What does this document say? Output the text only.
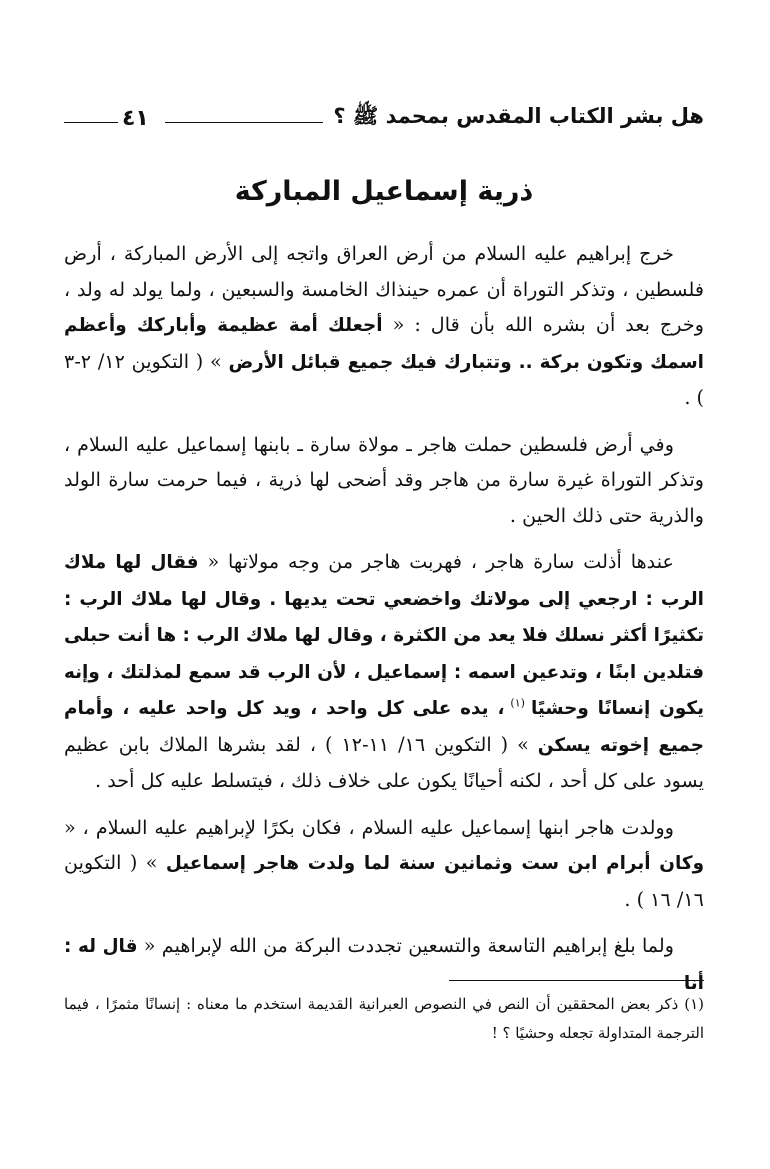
هل بشر الكتاب المقدس بمحمد ﷺ ؟
٤١
ذرية إسماعيل المباركة

خرج إبراهيم عليه السلام من أرض العراق واتجه إلى الأرض المباركة ، أرض فلسطين ، وتذكر التوراة أن عمره حينذاك الخامسة والسبعين ، ولما يولد له ولد ، وخرج بعد أن بشره الله بأن قال : « أجعلك أمة عظيمة وأباركك وأعظم اسمك وتكون بركة .. وتتبارك فيك جميع قبائل الأرض » ( التكوين ١٢/ ٢-٣ ) .

وفي أرض فلسطين حملت هاجر ـ مولاة سارة ـ بابنها إسماعيل عليه السلام ، وتذكر التوراة غيرة سارة من هاجر وقد أضحى لها ذرية ، فيما حرمت سارة الولد والذرية حتى ذلك الحين .

عندها أذلت سارة هاجر ، فهربت هاجر من وجه مولاتها « فقال لها ملاك الرب : ارجعي إلى مولاتك واخضعي تحت يديها . وقال لها ملاك الرب : تكثيرًا أكثر نسلك فلا يعد من الكثرة ، وقال لها ملاك الرب : ها أنت حبلى فتلدين ابنًا ، وتدعين اسمه : إسماعيل ، لأن الرب قد سمع لمذلتك ، وإنه يكون إنسانًا وحشيًا $^{(١)}$ ، يده على كل واحد ، ويد كل واحد عليه ، وأمام جميع إخوته يسكن » ( التكوين ١٦/ ١١-١٢ ) ، لقد بشرها الملاك بابن عظيم يسود على كل أحد ، لكنه أحيانًا يكون على خلاف ذلك ، فيتسلط عليه كل أحد .

وولدت هاجر ابنها إسماعيل عليه السلام ، فكان بكرًا لإبراهيم عليه السلام ، « وكان أبرام ابن ست وثمانين سنة لما ولدت هاجر إسماعيل » ( التكوين ١٦/ ١٦ ) .

ولما بلغ إبراهيم التاسعة والتسعين تجددت البركة من الله لإبراهيم « قال له : أنا

(١) ذكر بعض المحققين أن النص في النصوص العبرانية القديمة استخدم ما معناه : إنسانًا مثمرًا ، فيما الترجمة المتداولة تجعله وحشيًا ؟ !
